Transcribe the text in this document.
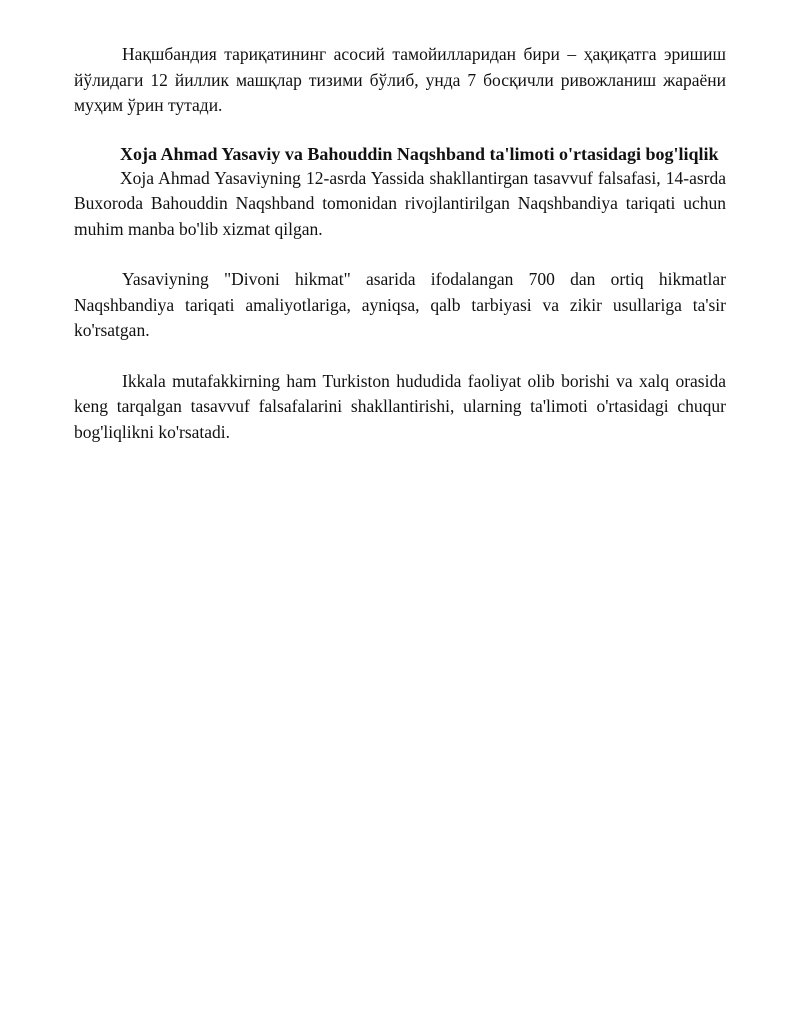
Нақшбандия тариқатининг асосий тамойилларидан бири – ҳақиқатга эришиш йўлидаги 12 йиллик машқлар тизими бўлиб, унда 7 босқичли ривожланиш жараёни муҳим ўрин тутади.

Xoja Ahmad Yasaviy va Bahouddin Naqshband ta'limoti o'rtasidagi bog'liqlik

Xoja Ahmad Yasaviyning 12-asrda Yassida shakllantirgan tasavvuf falsafasi, 14-asrda Buxoroda Bahouddin Naqshband tomonidan rivojlantirilgan Naqshbandiya tariqati uchun muhim manba bo'lib xizmat qilgan.

Yasaviyning "Divoni hikmat" asarida ifodalangan 700 dan ortiq hikmatlar Naqshbandiya tariqati amaliyotlariga, ayniqsa, qalb tarbiyasi va zikir usullariga ta'sir ko'rsatgan.

Ikkala mutafakkirning ham Turkiston hududida faoliyat olib borishi va xalq orasida keng tarqalgan tasavvuf falsafalarini shakllantirishi, ularning ta'limoti o'rtasidagi chuqur bog'liqlikni ko'rsatadi.
